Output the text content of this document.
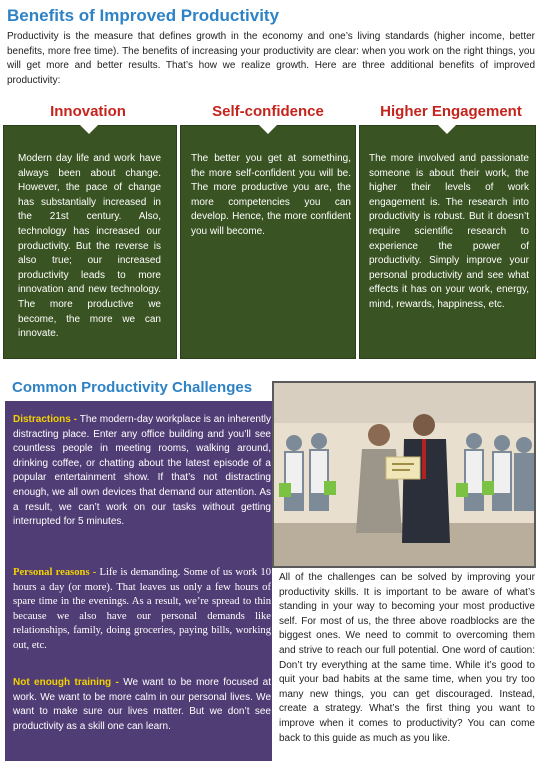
Benefits of Improved Productivity
Productivity is the measure that defines growth in the economy and one’s living standards (higher income, better benefits, more free time). The benefits of increasing your productivity are clear: when you work on the right things, you will get more and better results. That’s how we realize growth. Here are three additional benefits of improved productivity:
Innovation	Self-confidence	Higher Engagement
Modern day life and work have always been about change. However, the pace of change has substantially increased in the 21st century. Also, technology has increased our productivity. But the reverse is also true; our increased productivity leads to more innovation and new technology. The more productive we become, the more we can innovate.
The better you get at something, the more self-confident you will be. The more productive you are, the more competencies you can develop. Hence, the more confident you will become.
The more involved and passionate someone is about their work, the higher their levels of work engagement is. The research into productivity is robust. But it doesn’t require scientific research to experience the power of productivity. Simply improve your personal productivity and see what effects it has on your work, energy, mind, rewards, happiness, etc.
Common Productivity Challenges
Distractions - The modern-day workplace is an inherently distracting place. Enter any office building and you’ll see countless people in meeting rooms, walking around, drinking coffee, or chatting about the latest episode of a popular entertainment show. If that’s not distracting enough, we all own devices that demand our attention. As a result, we can’t work on our tasks without getting interrupted for 5 minutes.
Personal reasons - Life is demanding. Some of us work 10 hours a day (or more). That leaves us only a few hours of spare time in the evenings. As a result, we’re spread to thin because we also have our personal demands like relationships, family, doing groceries, paying bills, working out, etc.
Not enough training - We want to be more focused at work. We want to be more calm in our personal lives. We want to make sure our lives matter. But we don’t see productivity as a skill one can learn.
All of the challenges can be solved by improving your productivity skills. It is important to be aware of what’s standing in your way to becoming your most productive self. For most of us, the three above roadblocks are the biggest ones. We need to commit to overcoming them and strive to reach our full potential. One word of caution: Don’t try everything at the same time. While it’s good to quit your bad habits at the same time, when you try too many new things, you can get discouraged. Instead, create a strategy. What’s the first thing you want to improve when it comes to productivity? You can come back to this guide as much as you like.
